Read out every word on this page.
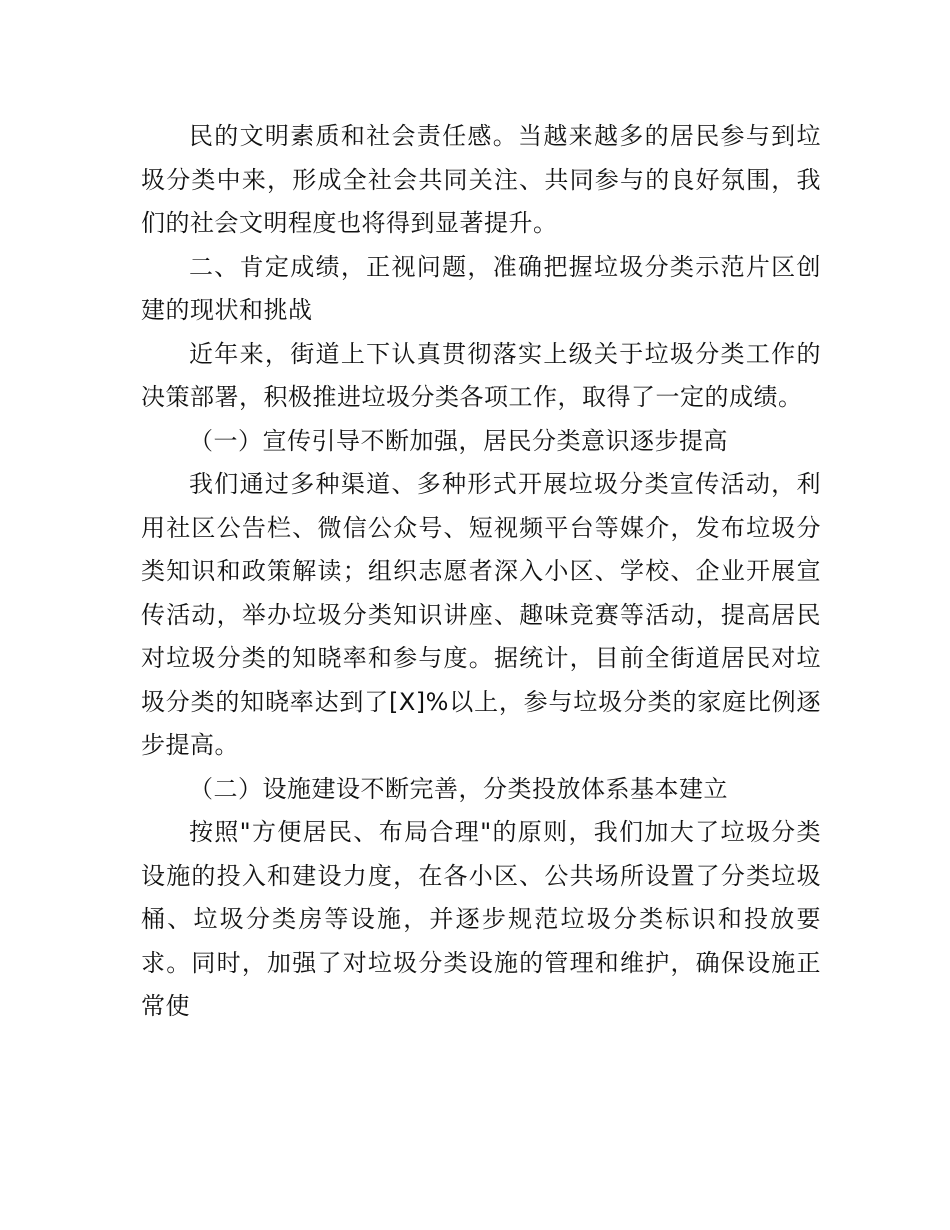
民的文明素质和社会责任感。当越来越多的居民参与到垃圾分类中来，形成全社会共同关注、共同参与的良好氛围，我们的社会文明程度也将得到显著提升。

二、肯定成绩，正视问题，准确把握垃圾分类示范片区创建的现状和挑战

近年来，街道上下认真贯彻落实上级关于垃圾分类工作的决策部署，积极推进垃圾分类各项工作，取得了一定的成绩。

（一）宣传引导不断加强，居民分类意识逐步提高

我们通过多种渠道、多种形式开展垃圾分类宣传活动，利用社区公告栏、微信公众号、短视频平台等媒介，发布垃圾分类知识和政策解读；组织志愿者深入小区、学校、企业开展宣传活动，举办垃圾分类知识讲座、趣味竞赛等活动，提高居民对垃圾分类的知晓率和参与度。据统计，目前全街道居民对垃圾分类的知晓率达到了[X]%以上，参与垃圾分类的家庭比例逐步提高。

（二）设施建设不断完善，分类投放体系基本建立

按照"方便居民、布局合理"的原则，我们加大了垃圾分类设施的投入和建设力度，在各小区、公共场所设置了分类垃圾桶、垃圾分类房等设施，并逐步规范垃圾分类标识和投放要求。同时，加强了对垃圾分类设施的管理和维护，确保设施正常使
